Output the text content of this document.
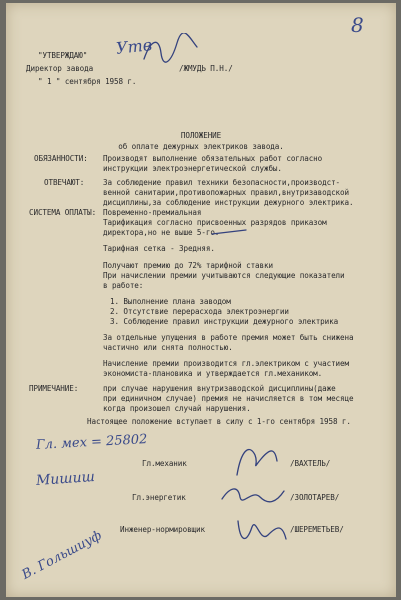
8
"УТВЕРЖДАЮ"
Директор завода	/ЖМУДЬ П.Н./
" 1 " сентября 1958 г.
Утв
ПОЛОЖЕНИЕ
об оплате дежурных электриков завода.
ОБЯЗАННОСТИ: Производят выполнение обязательных работ согласно
инструкции электроэнергетической службы.
ОТВЕЧАЮТ: За соблюдение правил техники безопасности,производст-
венной санитарии,противопожарных правил,внутризаводской
дисциплины,за соблюдение инструкции дежурного электрика.
СИСТЕМА ОПЛАТЫ: Повременно-премиальная
Тарификация согласно присвоенных разрядов приказом
директора,но не выше 5-го.
Тарифная сетка - Зредняя.
Получают премию до 72% тарифной ставки
При начислении премии учитываются следующие показатели
в работе:
1. Выполнение плана заводом
2. Отсутствие перерасхода электроэнергии
3. Соблюдение правил инструкции дежурного электрика
За отдельные упущения в работе премия может быть снижена
частично или снята полностью.
Начисление премии производится гл.электриком с участием
экономиста-плановика и утверждается гл.механиком.
ПРИМЕЧАНИЕ:	при случае нарушения внутризаводской дисциплины(даже
при единичном случае) премия не начисляется в том месяце
когда произошел случай нарушения.
Настоящее положение вступает в силу с 1-го сентября 1958 г.
Гл. мех = 25802
Мишиш
В. Гольшиуф
Гл.механик	/ВАХТЕЛЬ/
Гл.энергетик	/ЗОЛОТАРЕВ/
Инженер-нормировщик	/ШЕРЕМЕТЬЕВ/
